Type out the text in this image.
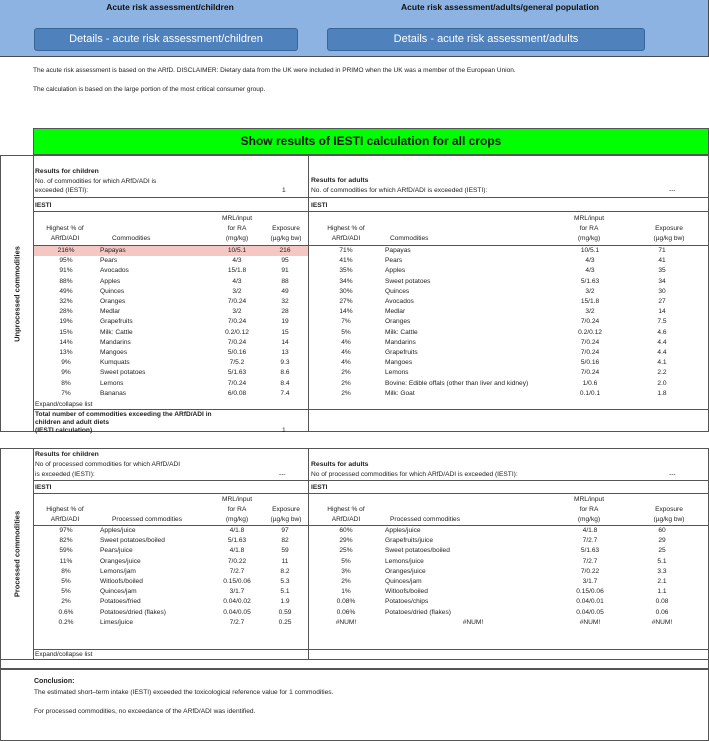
Acute risk assessment/children	Acute risk assessment/adults/general population
Details - acute risk assessment/children	Details - acute risk assessment/adults
The acute risk assessment is based on the ARfD. DISCLAIMER: Dietary data from the UK were included in PRIMO when the UK was a member of the European Union.
The calculation is based on the large portion of the most critical consumer group.
Show results of IESTI calculation for all crops
Unprocessed commodities
Results for children
No. of commodities for which ARfD/ADI is
exceeded (IESTI):	1
IESTI
Highest % of
ARfD/ADI	Commodities
MRL/input
for RA
(mg/kg)
Exposure
(µg/kg bw)
216%	Papayas	10/5.1	216
95%	Pears	4/3	95
91%	Avocados	15/1.8	91
88%	Apples	4/3	88
49%	Quinces	3/2	49
32%	Oranges	7/0.24	32
28%	Medlar	3/2	28
19%	Grapefruits	7/0.24	19
15%	Milk: Cattle	0.2/0.12	15
14%	Mandarins	7/0.24	14
13%	Mangoes	5/0.16	13
9%	Kumquats	7/5.2	9.3
9%	Sweet potatoes	5/1.63	8.6
8%	Lemons	7/0.24	8.4
7%	Bananas	6/0.08	7.4
Expand/collapse list
Total number of commodities exceeding the ARfD/ADI in
children and adult diets
(IESTI calculation)	1
Results for adults
No. of commodities for which ARfD/ADI is exceeded (IESTI):	---
IESTI
Highest % of
ARfD/ADI	Commodities
MRL/input
for RA
(mg/kg)
Exposure
(µg/kg bw)
71%	Papayas	10/5.1	71
41%	Pears	4/3	41
35%	Apples	4/3	35
34%	Sweet potatoes	5/1.63	34
30%	Quinces	3/2	30
27%	Avocados	15/1.8	27
14%	Medlar	3/2	14
7%	Oranges	7/0.24	7.5
5%	Milk: Cattle	0.2/0.12	4.6
4%	Mandarins	7/0.24	4.4
4%	Grapefruits	7/0.24	4.4
4%	Mangoes	5/0.16	4.1
2%	Lemons	7/0.24	2.2
2%	Bovine: Edible offals (other than liver and kidney)	1/0.6	2.0
2%	Milk: Goat	0.1/0.1	1.8
Processed commodities
Results for children
No of processed commodities for which ARfD/ADI
is exceeded (IESTI):	---
IESTI
Highest % of
ARfD/ADI	Processed commodities
MRL/input
for RA
(mg/kg)
Exposure
(µg/kg bw)
97%	Apples/juice	4/1.8	97
82%	Sweet potatoes/boiled	5/1.63	82
59%	Pears/juice	4/1.8	59
11%	Oranges/juice	7/0.22	11
8%	Lemons/jam	7/2.7	8.2
5%	Witloofs/boiled	0.15/0.06	5.3
5%	Quinces/jam	3/1.7	5.1
2%	Potatoes/fried	0.04/0.02	1.9
0.6%	Potatoes/dried (flakes)	0.04/0.05	0.59
0.2%	Limes/juice	7/2.7	0.25
Expand/collapse list
Results for adults
No of processed commodities for which ARfD/ADI is exceeded (IESTI):	---
IESTI
Highest % of
ARfD/ADI	Processed commodities
MRL/input
for RA
(mg/kg)
Exposure
(µg/kg bw)
60%	Apples/juice	4/1.8	60
29%	Grapefruits/juice	7/2.7	29
25%	Sweet potatoes/boiled	5/1.63	25
5%	Lemons/juice	7/2.7	5.1
3%	Oranges/juice	7/0.22	3.3
2%	Quinces/jam	3/1.7	2.1
1%	Witloofs/boiled	0.15/0.06	1.1
0.08%	Potatoes/chips	0.04/0.01	0.08
0.06%	Potatoes/dried (flakes)	0.04/0.05	0.06
#NUM!	#NUM!	#NUM!	#NUM!
Conclusion:
The estimated short–term intake (IESTI) exceeded the toxicological reference value for 1 commodities.
For processed commodities, no exceedance of the ARfD/ADI was identified.
